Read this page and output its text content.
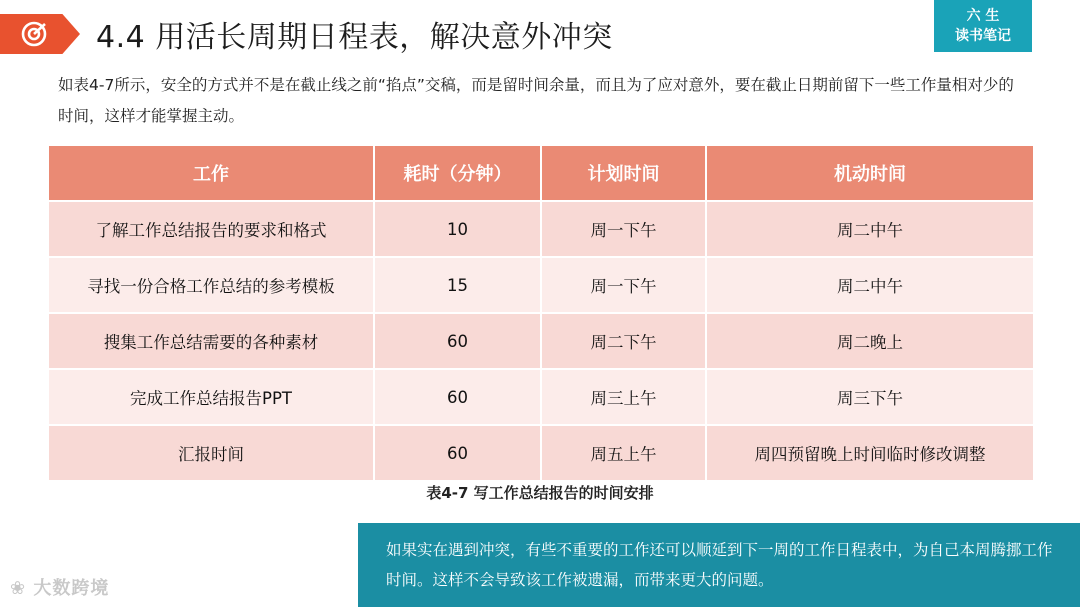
4.4 用活长周期日程表，解决意外冲突
六 生
读书笔记
如表4-7所示，安全的方式并不是在截止线之前“掐点”交稿，而是留时间余量，而且为了应对意外，要在截止日期前留下一些工作量相对少的时间，这样才能掌握主动。
工作	耗时（分钟）	计划时间	机动时间
了解工作总结报告的要求和格式	10	周一下午	周二中午
寻找一份合格工作总结的参考模板	15	周一下午	周二中午
搜集工作总结需要的各种素材	60	周二下午	周二晚上
完成工作总结报告PPT	60	周三上午	周三下午
汇报时间	60	周五上午	周四预留晚上时间临时修改调整
表4-7 写工作总结报告的时间安排
如果实在遇到冲突，有些不重要的工作还可以顺延到下一周的工作日程表中，为自己本周腾挪工作时间。这样不会导致该工作被遗漏，而带来更大的问题。
❀ 大数跨境
